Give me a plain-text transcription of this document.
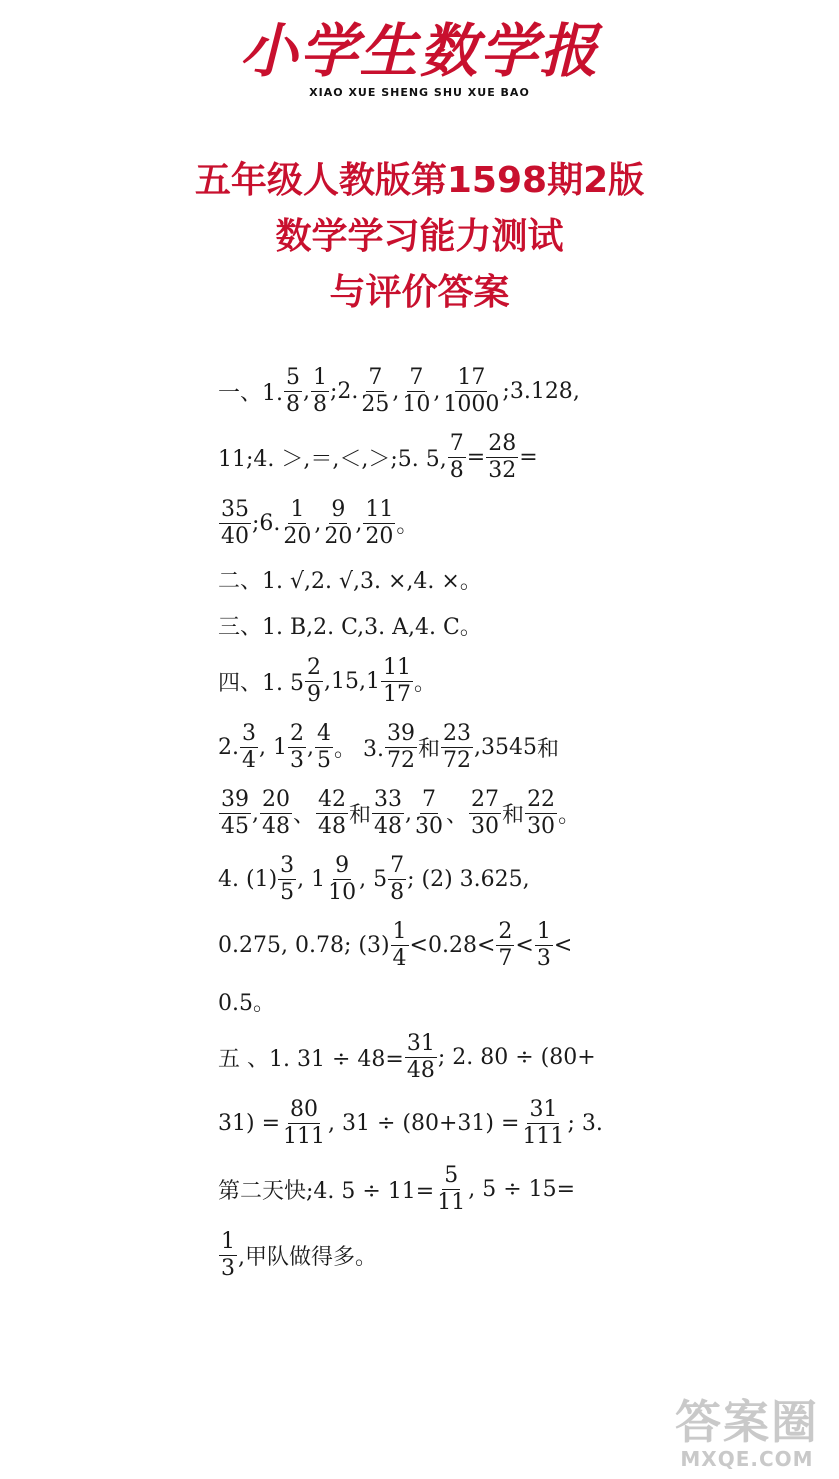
小学生数学报
XIAO XUE SHENG SHU XUE BAO
五年级人教版第1598期2版
数学学习能力测试
与评价答案
一、1. $\frac{5}{8}$ , $\frac{1}{8}$ ;2. $\frac{7}{25}$ , $\frac{7}{10}$ , $\frac{17}{1000}$ ;3. 1 28 ,
11;4. ＞,＝,＜,＞;5. 5, $\frac{7}{8} = \frac{28}{32}$ =
$\frac{35}{40}$ ;6. $\frac{1}{20}$ , $\frac{9}{20}$ , $\frac{11}{20}$ 。
二、1. √,2. √,3. ×,4. ×。
三、1. B,2. C,3. A,4. C。
四、1. $5 \frac{2}{9} ,15,1 \frac{11}{17}$ 。
2. $\frac{3}{4}$ , $1 \frac{2}{3}$ , $\frac{4}{5}$ 。 3. $\frac{39}{72}$ 和 $\frac{23}{72}$ , 35 45 和
$\frac{39}{45}$ , $\frac{20}{48}$ 、 $\frac{42}{48}$ 和 $\frac{33}{48}$ , $\frac{7}{30}$ 、 $\frac{27}{30}$ 和 $\frac{22}{30}$ 。
4. $(1) \frac{3}{5}$ , $1 \frac{9}{10}$ , $5 \frac{7}{8}$ ; (2) 3.625,
0.275, 0.78; $(3) \frac{1}{4} <0.28< \frac{2}{7} < \frac{1}{3}$ <
0.5。
五 、1. $31 \div 48= \frac{31}{48}$ ; 2. 80 ÷ (80+
$31) = \frac{80}{111}$ , $31 \div (80+31) = \frac{31}{111}$ ; 3.
第二天快;4. $5 \div 11= \frac{5}{11}$ , 5 ÷ 15=
$\frac{1}{3}$ ,甲队做得多。
答案圈
MXQE.COM
